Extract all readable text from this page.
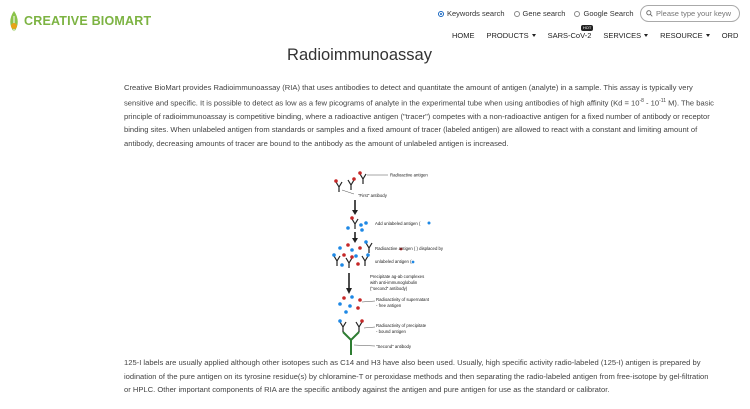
CREATIVE BIOMART
Keywords search Gene search Google Search
Please type your keyw
HOME PRODUCTS	SARS-CoV-2
HOT
SERVICES	RESOURCE	ORD
Radioimmunoassay

Creative BioMart provides Radioimmunoassay (RIA) that uses antibodies to detect and quantitate the amount of antigen (analyte) in a sample. This assay is typically very sensitive and specific. It is possible to detect as low as a few picograms of analyte in the experimental tube when using antibodies of high affinity ($Kd = 10^{-8} - 10^{-11}$ M). The basic principle of radioimmunoassay is competitive binding, where a radioactive antigen ("tracer") competes with a non-radioactive antigen for a fixed number of antibody or receptor binding sites. When unlabeled antigen from standards or samples and a fixed amount of tracer (labeled antigen) are allowed to react with a constant and limiting amount of antibody, decreasing amounts of tracer are bound to the antibody as the amount of unlabeled antigen is increased.

Radioactive antigen
"First" antibody
Add unlabeled antigen (
Radioactive antigen ( ) displaced by
unlabeled antigen (
Precipitate ag-ab complexes
with anti-immunoglobulin
("second" antibody)
Radioactivity of supernatant
- free antigen
Radioactivity of precipitate
- bound antigen
"Second" antibody

125-I labels are usually applied although other isotopes such as C14 and H3 have also been used. Usually, high specific activity radio-labeled (125-I) antigen is prepared by iodination of the pure antigen on its tyrosine residue(s) by chloramine-T or peroxidase methods and then separating the radio-labeled antigen from free-isotope by gel-filtration or HPLC. Other important components of RIA are the specific antibody against the antigen and pure antigen for use as the standard or calibrator.
